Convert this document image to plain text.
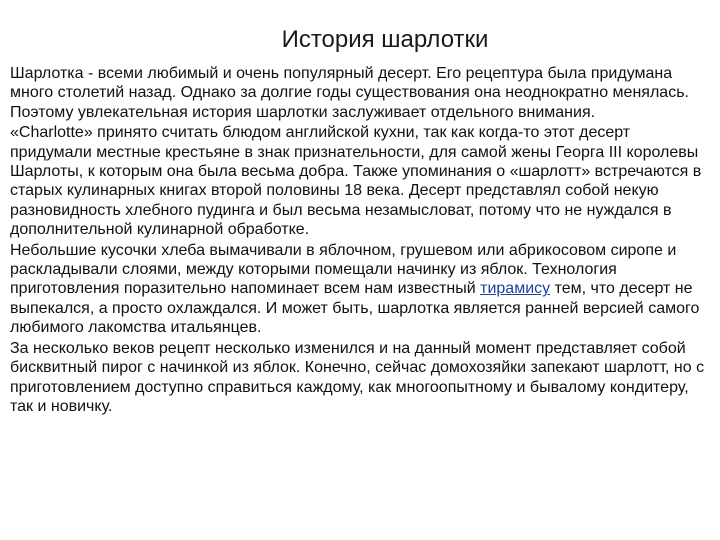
История шарлотки

Шарлотка - всеми любимый и очень популярный десерт. Его рецептура была придумана много столетий назад. Однако за долгие годы существования она неоднократно менялась. Поэтому увлекательная история шарлотки заслуживает отдельного внимания.

«Charlotte» принято считать блюдом английской кухни, так как когда-то этот десерт придумали местные крестьяне в знак признательности, для самой жены Георга III королевы Шарлоты, к которым она была весьма добра. Также упоминания о «шарлотт» встречаются в старых кулинарных книгах второй половины 18 века. Десерт представлял собой некую разновидность хлебного пудинга и был весьма незамысловат, потому что не нуждался в дополнительной кулинарной обработке.

Небольшие кусочки хлеба вымачивали в яблочном, грушевом или абрикосовом сиропе и раскладывали слоями, между которыми помещали начинку из яблок. Технология приготовления поразительно напоминает всем нам известный тирамису тем, что десерт не выпекался, а просто охлаждался. И может быть, шарлотка является ранней версией самого любимого лакомства итальянцев.

За несколько веков рецепт несколько изменился и на данный момент представляет собой бисквитный пирог с начинкой из яблок. Конечно, сейчас домохозяйки запекают шарлотт, но с приготовлением доступно справиться каждому, как многоопытному и бывалому кондитеру, так и новичку.
